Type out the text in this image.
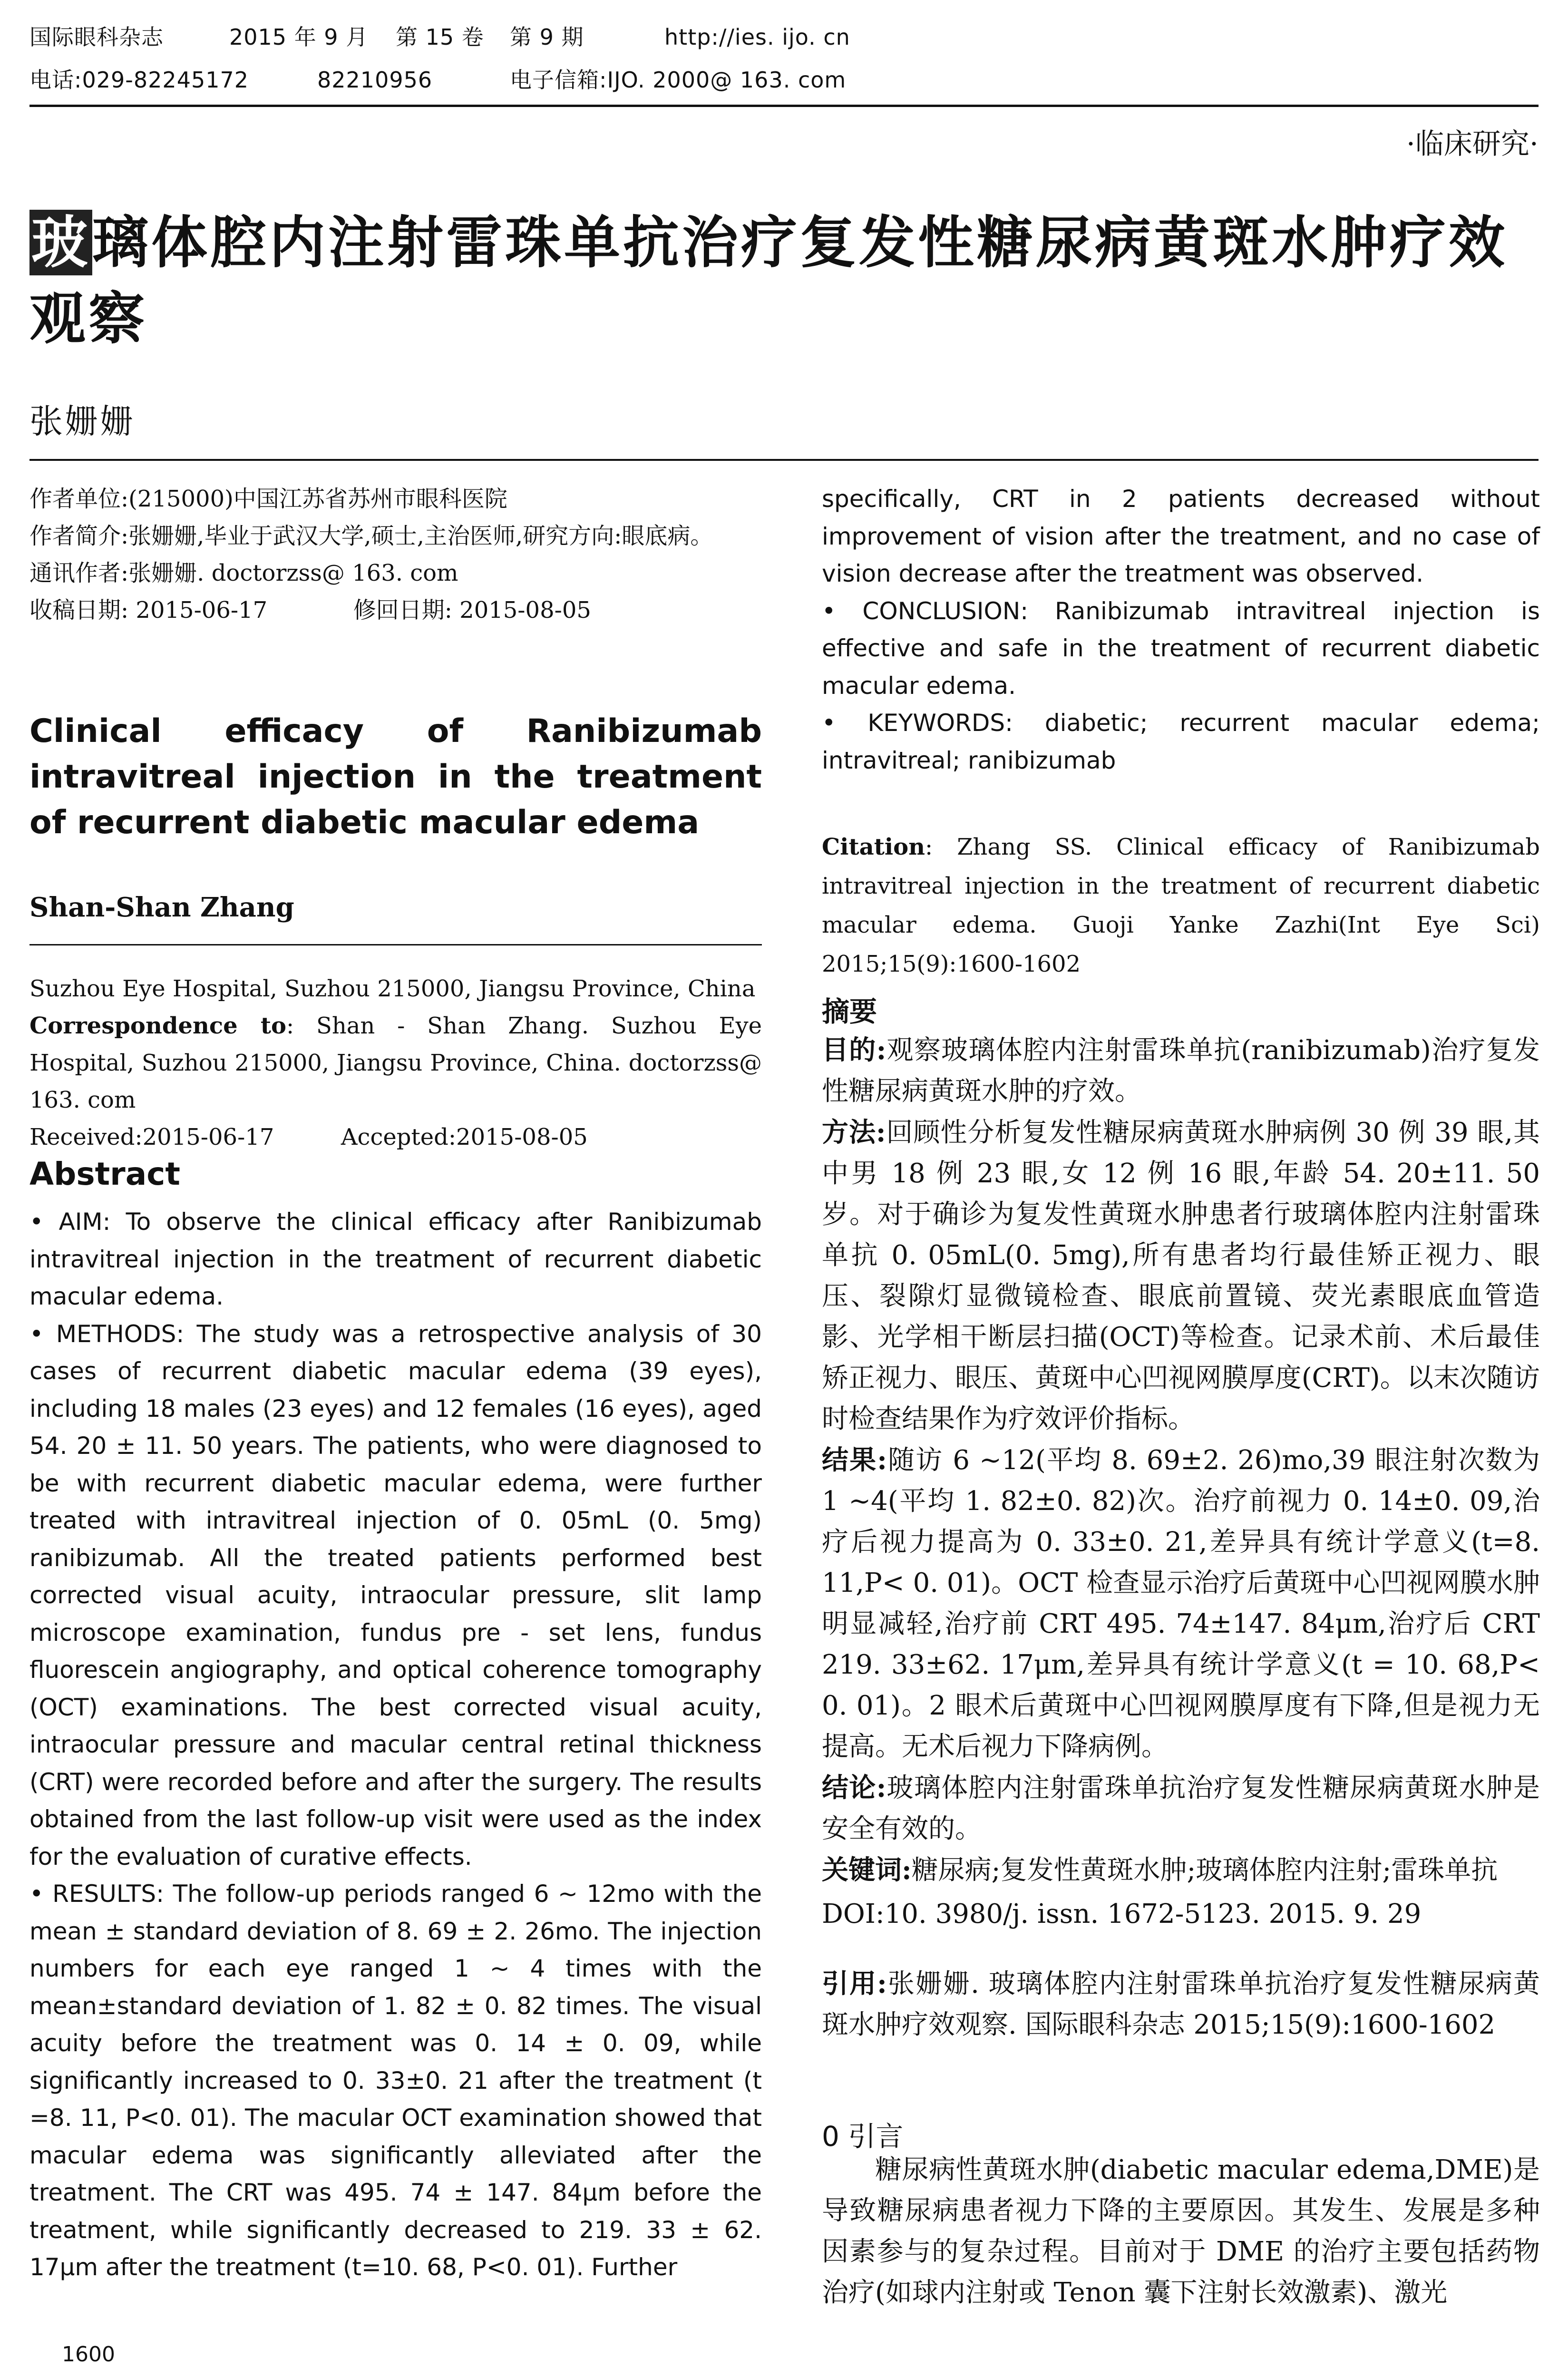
国际眼科杂志	2015 年 9 月 第 15 卷 第 9 期	http://ies. ijo. cn
电话:029-82245172	82210956	电子信箱:IJO. 2000@ 163. com
·临床研究·
玻璃体腔内注射雷珠单抗治疗复发性糖尿病黄斑水肿疗效观察
张姗姗
作者单位:(215000)中国江苏省苏州市眼科医院
作者简介:张姗姗,毕业于武汉大学,硕士,主治医师,研究方向:眼底病。
通讯作者:张姗姗. doctorzss@ 163. com
收稿日期: 2015-06-17	修回日期: 2015-08-05
Clinical efficacy of Ranibizumab intravitreal injection in the treatment of recurrent diabetic macular edema
Shan-Shan Zhang
Suzhou Eye Hospital, Suzhou 215000, Jiangsu Province, China
Correspondence to: Shan - Shan Zhang. Suzhou Eye Hospital, Suzhou 215000, Jiangsu Province, China. doctorzss@ 163. com
Received:2015-06-17	Accepted:2015-08-05
Abstract

• AIM: To observe the clinical efficacy after Ranibizumab intravitreal injection in the treatment of recurrent diabetic macular edema.

• METHODS: The study was a retrospective analysis of 30 cases of recurrent diabetic macular edema (39 eyes), including 18 males (23 eyes) and 12 females (16 eyes), aged 54. 20 ± 11. 50 years. The patients, who were diagnosed to be with recurrent diabetic macular edema, were further treated with intravitreal injection of 0. 05mL (0. 5mg) ranibizumab. All the treated patients performed best corrected visual acuity, intraocular pressure, slit lamp microscope examination, fundus pre - set lens, fundus fluorescein angiography, and optical coherence tomography (OCT) examinations. The best corrected visual acuity, intraocular pressure and macular central retinal thickness (CRT) were recorded before and after the surgery. The results obtained from the last follow-up visit were used as the index for the evaluation of curative effects.

• RESULTS: The follow-up periods ranged 6 ~ 12mo with the mean ± standard deviation of 8. 69 ± 2. 26mo. The injection numbers for each eye ranged 1 ~ 4 times with the mean±standard deviation of 1. 82 ± 0. 82 times. The visual acuity before the treatment was 0. 14 ± 0. 09, while significantly increased to 0. 33±0. 21 after the treatment (t =8. 11, P<0. 01). The macular OCT examination showed that macular edema was significantly alleviated after the treatment. The CRT was 495. 74 ± 147. 84μm before the treatment, while significantly decreased to 219. 33 ± 62. 17μm after the treatment (t=10. 68, P<0. 01). Further

1600

specifically, CRT in 2 patients decreased without improvement of vision after the treatment, and no case of vision decrease after the treatment was observed.

• CONCLUSION: Ranibizumab intravitreal injection is effective and safe in the treatment of recurrent diabetic macular edema.

• KEYWORDS: diabetic; recurrent macular edema; intravitreal; ranibizumab

Citation: Zhang SS. Clinical efficacy of Ranibizumab intravitreal injection in the treatment of recurrent diabetic macular edema. Guoji Yanke Zazhi(Int Eye Sci) 2015;15(9):1600-1602
摘要

目的:观察玻璃体腔内注射雷珠单抗(ranibizumab)治疗复发性糖尿病黄斑水肿的疗效。

方法:回顾性分析复发性糖尿病黄斑水肿病例 30 例 39 眼,其中男 18 例 23 眼,女 12 例 16 眼,年龄 54. 20±11. 50 岁。对于确诊为复发性黄斑水肿患者行玻璃体腔内注射雷珠单抗 0. 05mL(0. 5mg),所有患者均行最佳矫正视力、眼压、裂隙灯显微镜检查、眼底前置镜、荧光素眼底血管造影、光学相干断层扫描(OCT)等检查。记录术前、术后最佳矫正视力、眼压、黄斑中心凹视网膜厚度(CRT)。以末次随访时检查结果作为疗效评价指标。

结果:随访 6 ~12(平均 8. 69±2. 26)mo,39 眼注射次数为 1 ~4(平均 1. 82±0. 82)次。治疗前视力 0. 14±0. 09,治疗后视力提高为 0. 33±0. 21,差异具有统计学意义(t=8. 11,P< 0. 01)。OCT 检查显示治疗后黄斑中心凹视网膜水肿明显减轻,治疗前 CRT 495. 74±147. 84μm,治疗后 CRT 219. 33±62. 17μm,差异具有统计学意义(t = 10. 68,P< 0. 01)。2 眼术后黄斑中心凹视网膜厚度有下降,但是视力无提高。无术后视力下降病例。

结论:玻璃体腔内注射雷珠单抗治疗复发性糖尿病黄斑水肿是安全有效的。

关键词:糖尿病;复发性黄斑水肿;玻璃体腔内注射;雷珠单抗

DOI:10. 3980/j. issn. 1672-5123. 2015. 9. 29

引用:张姗姗. 玻璃体腔内注射雷珠单抗治疗复发性糖尿病黄斑水肿疗效观察. 国际眼科杂志 2015;15(9):1600-1602

0 引言
糖尿病性黄斑水肿(diabetic macular edema,DME)是导致糖尿病患者视力下降的主要原因。其发生、发展是多种因素参与的复杂过程。目前对于 DME 的治疗主要包括药物治疗(如球内注射或 Tenon 囊下注射长效激素)、激光
